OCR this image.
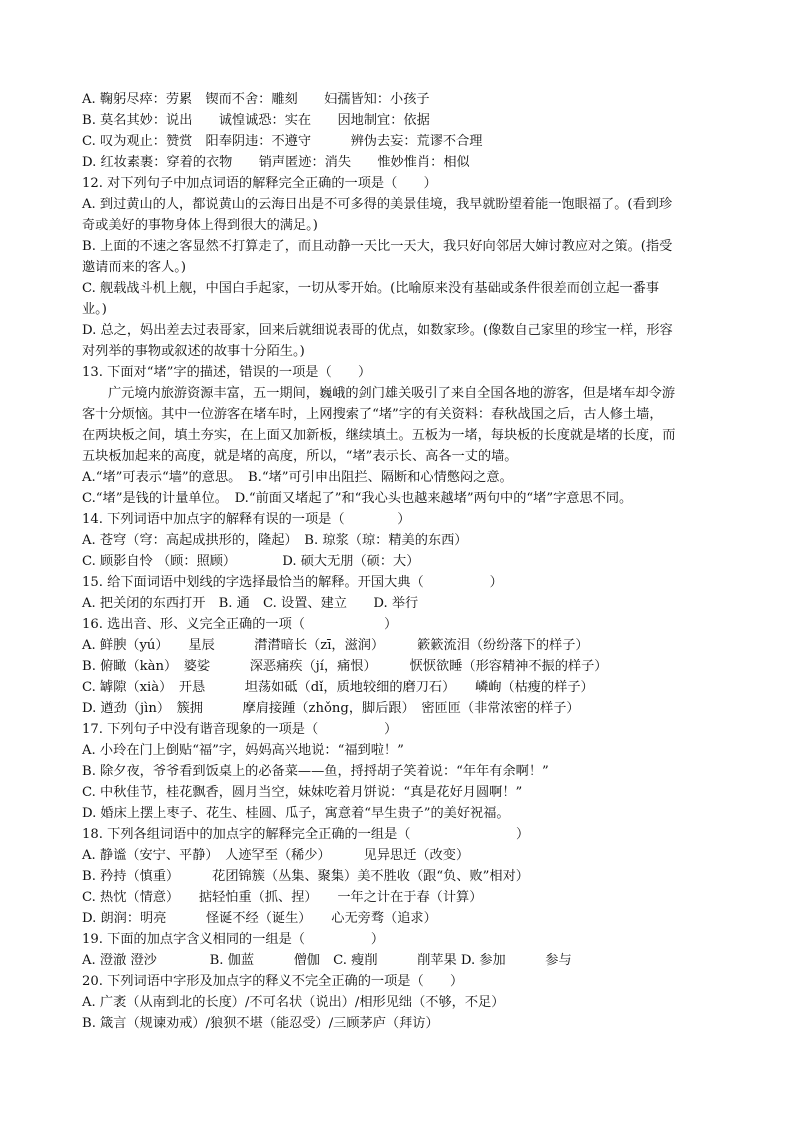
A. 鞠躬尽瘁：劳累　锲而不舍：雕刻　　妇孺皆知：小孩子
B. 莫名其妙：说出　　诚惶诚恐：实在　　因地制宜：依据
C. 叹为观止：赞赏　阳奉阴违：不遵守　　　辨伪去妄：荒谬不合理
D. 红妆素裹：穿着的衣物　　销声匿迹：消失　　惟妙惟肖：相似
12. 对下列句子中加点词语的解释完全正确的一项是（　　）
A. 到过黄山的人，都说黄山的云海日出是不可多得的美景佳境，我早就盼望着能一饱眼福了。(看到珍
奇或美好的事物身体上得到很大的满足。)
B. 上面的不速之客显然不打算走了，而且动静一天比一天大，我只好向邻居大婶讨教应对之策。(指受
邀请而来的客人。)
C. 舰载战斗机上舰，中国白手起家，一切从零开始。(比喻原来没有基础或条件很差而创立起一番事
业。)
D. 总之，妈出差去过表哥家，回来后就细说表哥的优点，如数家珍。(像数自己家里的珍宝一样，形容
对列举的事物或叙述的故事十分陌生。)
13. 下面对“堵”字的描述，错误的一项是（　　）
广元境内旅游资源丰富，五一期间，巍峨的剑门雄关吸引了来自全国各地的游客，但是堵车却令游
客十分烦恼。其中一位游客在堵车时，上网搜索了“堵”字的有关资料：春秋战国之后，古人修土墙，
在两块板之间，填土夯实，在上面又加新板，继续填土。五板为一堵，每块板的长度就是堵的长度，而
五块板加起来的高度，就是堵的高度，所以，“堵”表示长、高各一丈的墙。
A.“堵”可表示“墙”的意思。　B.“堵”可引申出阻拦、隔断和心情憋闷之意。
C.“堵”是钱的计量单位。　D.“前面又堵起了”和“我心头也越来越堵”两句中的“堵”字意思不同。
14. 下列词语中加点字的解释有误的一项是（　　　　）
A. 苍穹（穹：高起成拱形的，隆起）　B. 琼浆（琼：精美的东西）
C. 顾影自怜 （顾：照顾）　　　　D. 硕大无朋（硕：大）
15. 给下面词语中划线的字选择最恰当的解释。开国大典（　　　　　）
A. 把关闭的东西打开　B. 通　C. 设置、建立　　D. 举行
16. 选出音、形、义完全正确的一项（　　　　　　）
A. 鲜腴（yú）　　星辰　　　潸潸暗长（zī，滋润）　　　簌簌流泪（纷纷落下的样子）
B. 俯瞰（kàn）　婆娑　　　深恶痛疾（jí，痛恨）　　　恹恹欲睡（形容精神不振的样子）
C. 罅隙（xià）　开恳　　　坦荡如砥（dǐ，质地较细的磨刀石）　　嶙峋（枯瘦的样子）
D. 遒劲（jìn）　簇拥　　　摩肩接踵（zhǒng，脚后跟）　密匝匝（非常浓密的样子）
17. 下列句子中没有谐音现象的一项是（　　　　　）
A. 小玲在门上倒贴“福”字，妈妈高兴地说：“福到啦！”
B. 除夕夜，爷爷看到饭桌上的必备菜——鱼，捋捋胡子笑着说：“年年有余啊！”
C. 中秋佳节，桂花飘香，圆月当空，妹妹吃着月饼说：“真是花好月圆啊！”
D. 婚床上摆上枣子、花生、桂圆、瓜子，寓意着“早生贵子”的美好祝福。
18. 下列各组词语中的加点字的解释完全正确的一组是（　　　　　　　　）
A. 静谧（安宁、平静）　人迹罕至（稀少）　　　见异思迁（改变）
B. 矜持（慎重）　　　花团锦簇（丛集、聚集）美不胜收（跟“负、败”相对）
C. 热忱（情意）　　掂轻怕重（抓、捏）　　一年之计在于春（计算）
D. 朗润：明亮　　　怪诞不经（诞生）　　心无旁骛（追求）
19. 下面的加点字含义相同的一组是（　　　　　）
A. 澄澈 澄沙　　　　B. 伽蓝　　　僧伽　C. 瘦削　　　削苹果 D. 参加　　　参与
20. 下列词语中字形及加点字的释义不完全正确的一项是（　　）
A. 广袤（从南到北的长度）/不可名状（说出）/相形见绌（不够，不足）
B. 箴言（规谏劝戒）/狼狈不堪（能忍受）/三顾茅庐（拜访）
